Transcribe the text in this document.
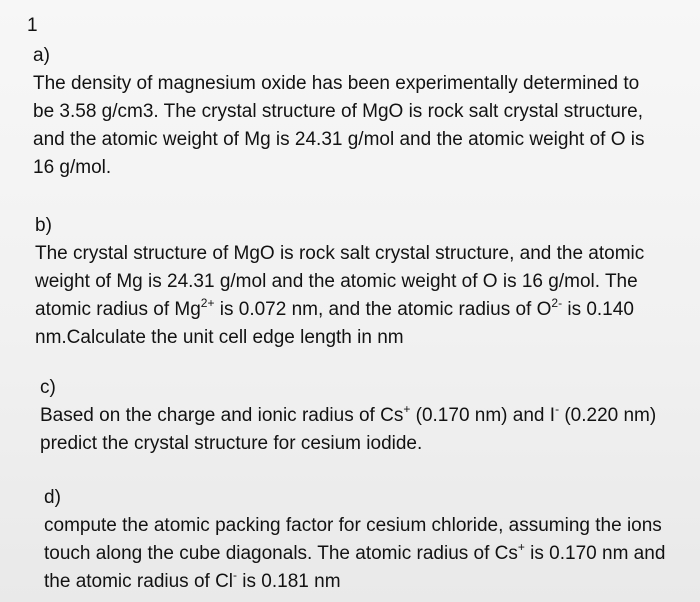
1
a)
The density of magnesium oxide has been experimentally determined to
be 3.58 g/cm3. The crystal structure of MgO is rock salt crystal structure,
and the atomic weight of Mg is 24.31 g/mol and the atomic weight of O is
16 g/mol.
b)
The crystal structure of MgO is rock salt crystal structure, and the atomic
weight of Mg is 24.31 g/mol and the atomic weight of O is 16 g/mol. The
atomic radius of $Mg^{2+}$ is 0.072 nm, and the atomic radius of $O^{2-}$ is 0.140
nm.Calculate the unit cell edge length in nm
c)
Based on the charge and ionic radius of Cs+ (0.170 nm) and I- (0.220 nm)
predict the crystal structure for cesium iodide.
d)
compute the atomic packing factor for cesium chloride, assuming the ions
touch along the cube diagonals. The atomic radius of Cs+ is 0.170 nm and
the atomic radius of Cl- is 0.181 nm
